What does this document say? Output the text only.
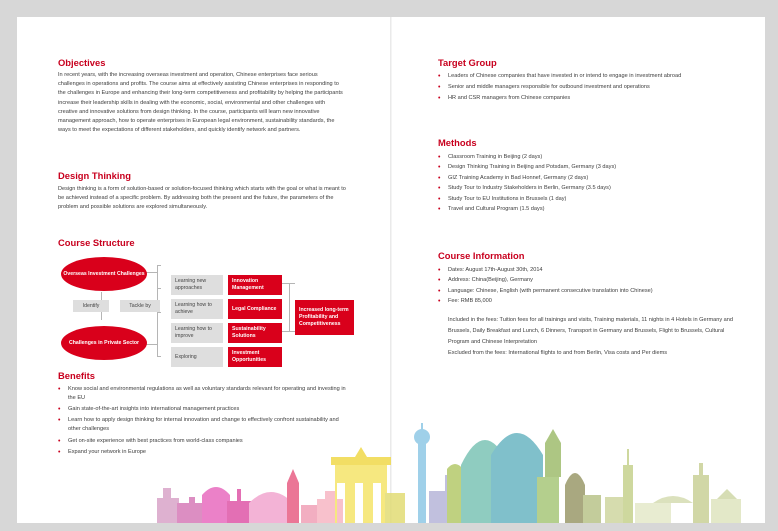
Objectives
In recent years, with the increasing overseas investment and operation, Chinese enterprises face serious challenges in operations and profits. The course aims at effectively assisting Chinese enterprises in responding to the challenges in Europe and enhancing their long-term competitiveness and profitability by helping the participants increase their leadership skills in dealing with the economic, social, environmental and other challenges with creative and innovative solutions from design thinking. In the course, participants will learn new innovative management approach, how to operate enterprises in European legal environment, sustainability standards, the ways to meet the expectations of different stakeholders, and quickly identify network and partners.
Design Thinking
Design thinking is a form of solution-based or solution-focused thinking which starts with the goal or what is meant to be achieved instead of a specific problem. By addressing both the present and the future, the parameters of the problem and possible solutions are explored simultaneously.
Course Structure
Overseas Investment Challenges
Challenges in Private Sector
Identify	Tackle by
Learning new approaches
Learning how to achieve
Learning how to improve
Exploring
Innovation Management
Legal Compliance
Sustainability Solutions
Investment Opportunities
Increased long-term Profitability and Competitiveness
Benefits
• Know social and environmental regulations as well as voluntary standards relevant for operating and investing in the EU
• Gain state-of-the-art insights into international management practices
• Learn how to apply design thinking for internal innovation and change to effectively confront sustainability and other challenges
• Get on-site experience with best practices from world-class companies
• Expand your network in Europe
Target Group
• Leaders of Chinese companies that have invested in or intend to engage in investment abroad
• Senior and middle managers responsible for outbound investment and operations
• HR and CSR managers from Chinese companies
Methods
• Classroom Training in Beijing (2 days)
• Design Thinking Training in Beijing and Potsdam, Germany (3 days)
• GIZ Training Academy in Bad Honnef, Germany (2 days)
• Study Tour to Industry Stakeholders in Berlin, Germany (3.5 days)
• Study Tour to EU Institutions in Brussels (1 day)
• Travel and Cultural Program (1.5 days)
Course Information
• Dates: August 17th-August 30th, 2014
• Address: China(Beijing), Germany
• Language: Chinese, English (with permanent consecutive translation into Chinese)
• Fee: RMB 85,000
Included in the fees: Tuition fees for all trainings and visits, Training materials, 11 nights in 4 Hotels in Germany and Brussels, Daily Breakfast and Lunch, 6 Dinners, Transport in Germany and Brussels, Flight to Brussels, Cultural Program and Chinese Interpretation
Excluded from the fees: International flights to and from Berlin, Visa costs and Per diems
